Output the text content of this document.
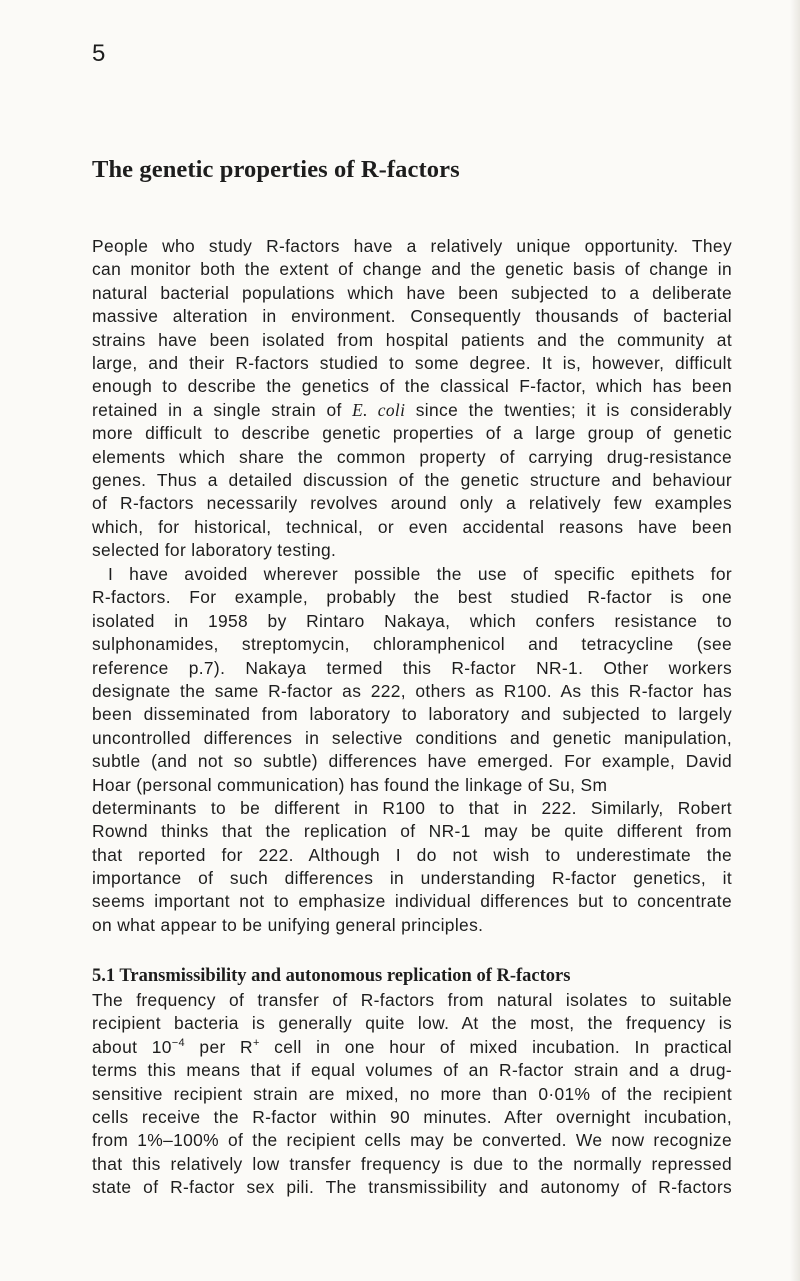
5
The genetic properties of R-factors
People who study R-factors have a relatively unique opportunity. They
can monitor both the extent of change and the genetic basis of change in
natural bacterial populations which have been subjected to a deliberate
massive alteration in environment. Consequently thousands of bacterial
strains have been isolated from hospital patients and the community at
large, and their R-factors studied to some degree. It is, however, difficult
enough to describe the genetics of the classical F-factor, which has been
retained in a single strain of E. coli since the twenties; it is considerably
more difficult to describe genetic properties of a large group of genetic
elements which share the common property of carrying drug-resistance
genes. Thus a detailed discussion of the genetic structure and behaviour
of R-factors necessarily revolves around only a relatively few examples
which, for historical, technical, or even accidental reasons have been
selected for laboratory testing.
I have avoided wherever possible the use of specific epithets for
R-factors. For example, probably the best studied R-factor is one
isolated in 1958 by Rintaro Nakaya, which confers resistance to
sulphonamides, streptomycin, chloramphenicol and tetracycline (see
reference p.7). Nakaya termed this R-factor NR-1. Other workers
designate the same R-factor as 222, others as R100. As this R-factor has
been disseminated from laboratory to laboratory and subjected to largely
uncontrolled differences in selective conditions and genetic manipulation,
subtle (and not so subtle) differences have emerged. For example, David
Hoar (personal communication) has found the linkage of Su, Sm
determinants to be different in R100 to that in 222. Similarly, Robert
Rownd thinks that the replication of NR-1 may be quite different from
that reported for 222. Although I do not wish to underestimate the
importance of such differences in understanding R-factor genetics, it
seems important not to emphasize individual differences but to concentrate
on what appear to be unifying general principles.
5.1 Transmissibility and autonomous replication of R-factors
The frequency of transfer of R-factors from natural isolates to suitable
recipient bacteria is generally quite low. At the most, the frequency is
about $10^{-4}$ per R+ cell in one hour of mixed incubation. In practical
terms this means that if equal volumes of an R-factor strain and a drug-
sensitive recipient strain are mixed, no more than 0·01% of the recipient
cells receive the R-factor within 90 minutes. After overnight incubation,
from 1%–100% of the recipient cells may be converted. We now recognize
that this relatively low transfer frequency is due to the normally repressed
state of R-factor sex pili. The transmissibility and autonomy of R-factors
